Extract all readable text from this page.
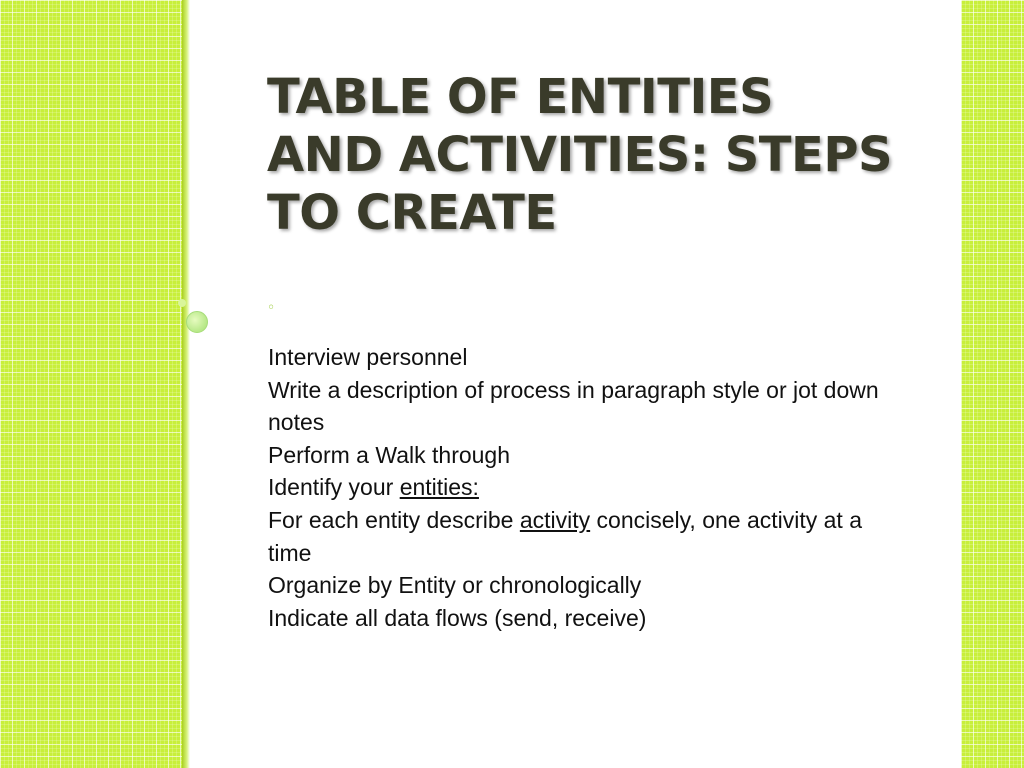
TABLE OF ENTITIES
AND ACTIVITIES: STEPS
TO CREATE
◦
Interview personnel
Write a description of process in paragraph style or jot down notes
Perform a Walk through
Identify your entities:
For each entity describe activity concisely, one activity at a time
Organize by Entity or chronologically
Indicate all data flows (send, receive)
